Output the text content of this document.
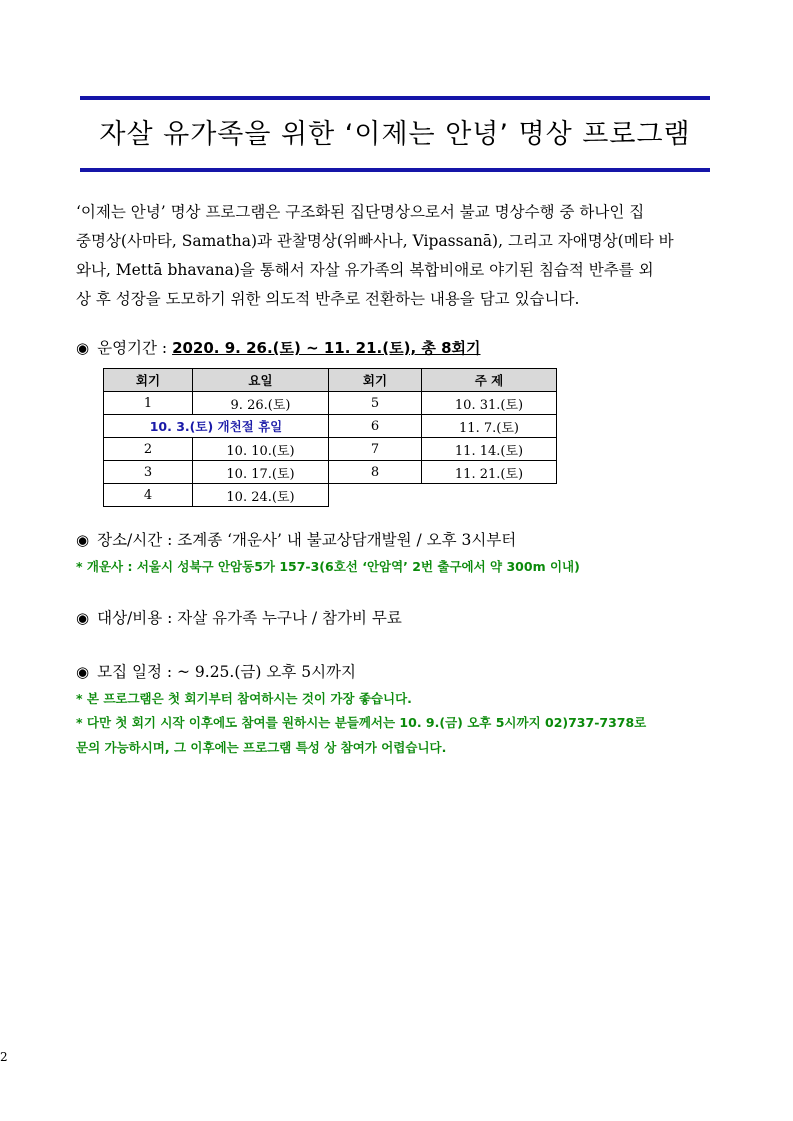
자살 유가족을 위한 ‘이제는 안녕’ 명상 프로그램
‘이제는 안녕’ 명상 프로그램은 구조화된 집단명상으로서 불교 명상수행 중 하나인 집
중명상(사마타, Samatha)과 관찰명상(위빠사나, Vipassanā), 그리고 자애명상(메타 바
와나, Mettā bhavana)을 통해서 자살 유가족의 복합비애로 야기된 침습적 반추를 외
상 후 성장을 도모하기 위한 의도적 반추로 전환하는 내용을 담고 있습니다.
◉ 운영기간 : 2020. 9. 26.(토) ~ 11. 21.(토), 총 8회기
회기	요일	회기	주 제
1	9. 26.(토)	5	10. 31.(토)
10. 3.(토) 개천절 휴일		6	11. 7.(토)
2	10. 10.(토)	7	11. 14.(토)
3	10. 17.(토)	8	11. 21.(토)
4	10. 24.(토)		
◉ 장소/시간 : 조계종 ‘개운사’ 내 불교상담개발원 / 오후 3시부터
* 개운사 : 서울시 성북구 안암동5가 157-3(6호선 ‘안암역’ 2번 출구에서 약 300m 이내)
◉ 대상/비용 : 자살 유가족 누구나 / 참가비 무료
◉ 모집 일정 : ~ 9.25.(금) 오후 5시까지
* 본 프로그램은 첫 회기부터 참여하시는 것이 가장 좋습니다.
* 다만 첫 회기 시작 이후에도 참여를 원하시는 분들께서는 10. 9.(금) 오후 5시까지 02)737-7378로
문의 가능하시며, 그 이후에는 프로그램 특성 상 참여가 어렵습니다.
2
